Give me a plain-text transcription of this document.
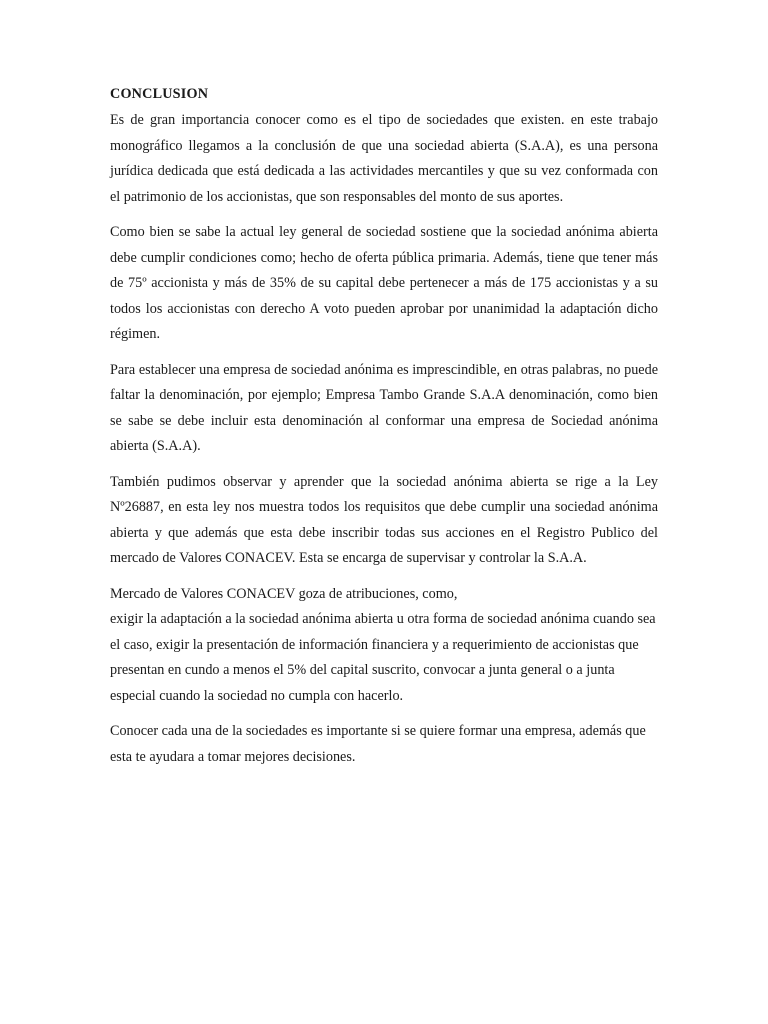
CONCLUSION

Es de gran importancia conocer como es el tipo de sociedades que existen. en este trabajo monográfico llegamos a la conclusión de que una sociedad abierta (S.A.A), es una persona jurídica dedicada que está dedicada a las actividades mercantiles y que su vez conformada con el patrimonio de los accionistas, que son responsables del monto de sus aportes.

Como bien se sabe la actual ley general de sociedad sostiene que la sociedad anónima abierta debe cumplir condiciones como; hecho de oferta pública primaria. Además, tiene que tener más de 75º accionista y más de 35% de su capital debe pertenecer a más de 175 accionistas y a su todos los accionistas con derecho A voto pueden aprobar por unanimidad la adaptación dicho régimen.

Para establecer una empresa de sociedad anónima es imprescindible, en otras palabras, no puede faltar la denominación, por ejemplo; Empresa Tambo Grande S.A.A denominación, como bien se sabe se debe incluir esta denominación al conformar una empresa de Sociedad anónima abierta (S.A.A).

También pudimos observar y aprender que la sociedad anónima abierta se rige a la Ley Nº26887, en esta ley nos muestra todos los requisitos que debe cumplir una sociedad anónima abierta y que además que esta debe inscribir todas sus acciones en el Registro Publico del mercado de Valores CONACEV. Esta se encarga de supervisar y controlar la S.A.A.

Mercado de Valores CONACEV goza de atribuciones, como,

exigir la adaptación a la sociedad anónima abierta u otra forma de sociedad anónima cuando sea el caso, exigir la presentación de información financiera y a requerimiento de accionistas que presentan en cundo a menos el 5% del capital suscrito, convocar a junta general o a junta especial cuando la sociedad no cumpla con hacerlo.

Conocer cada una de la sociedades es importante si se quiere formar una empresa, además que esta te ayudara a tomar mejores decisiones.
